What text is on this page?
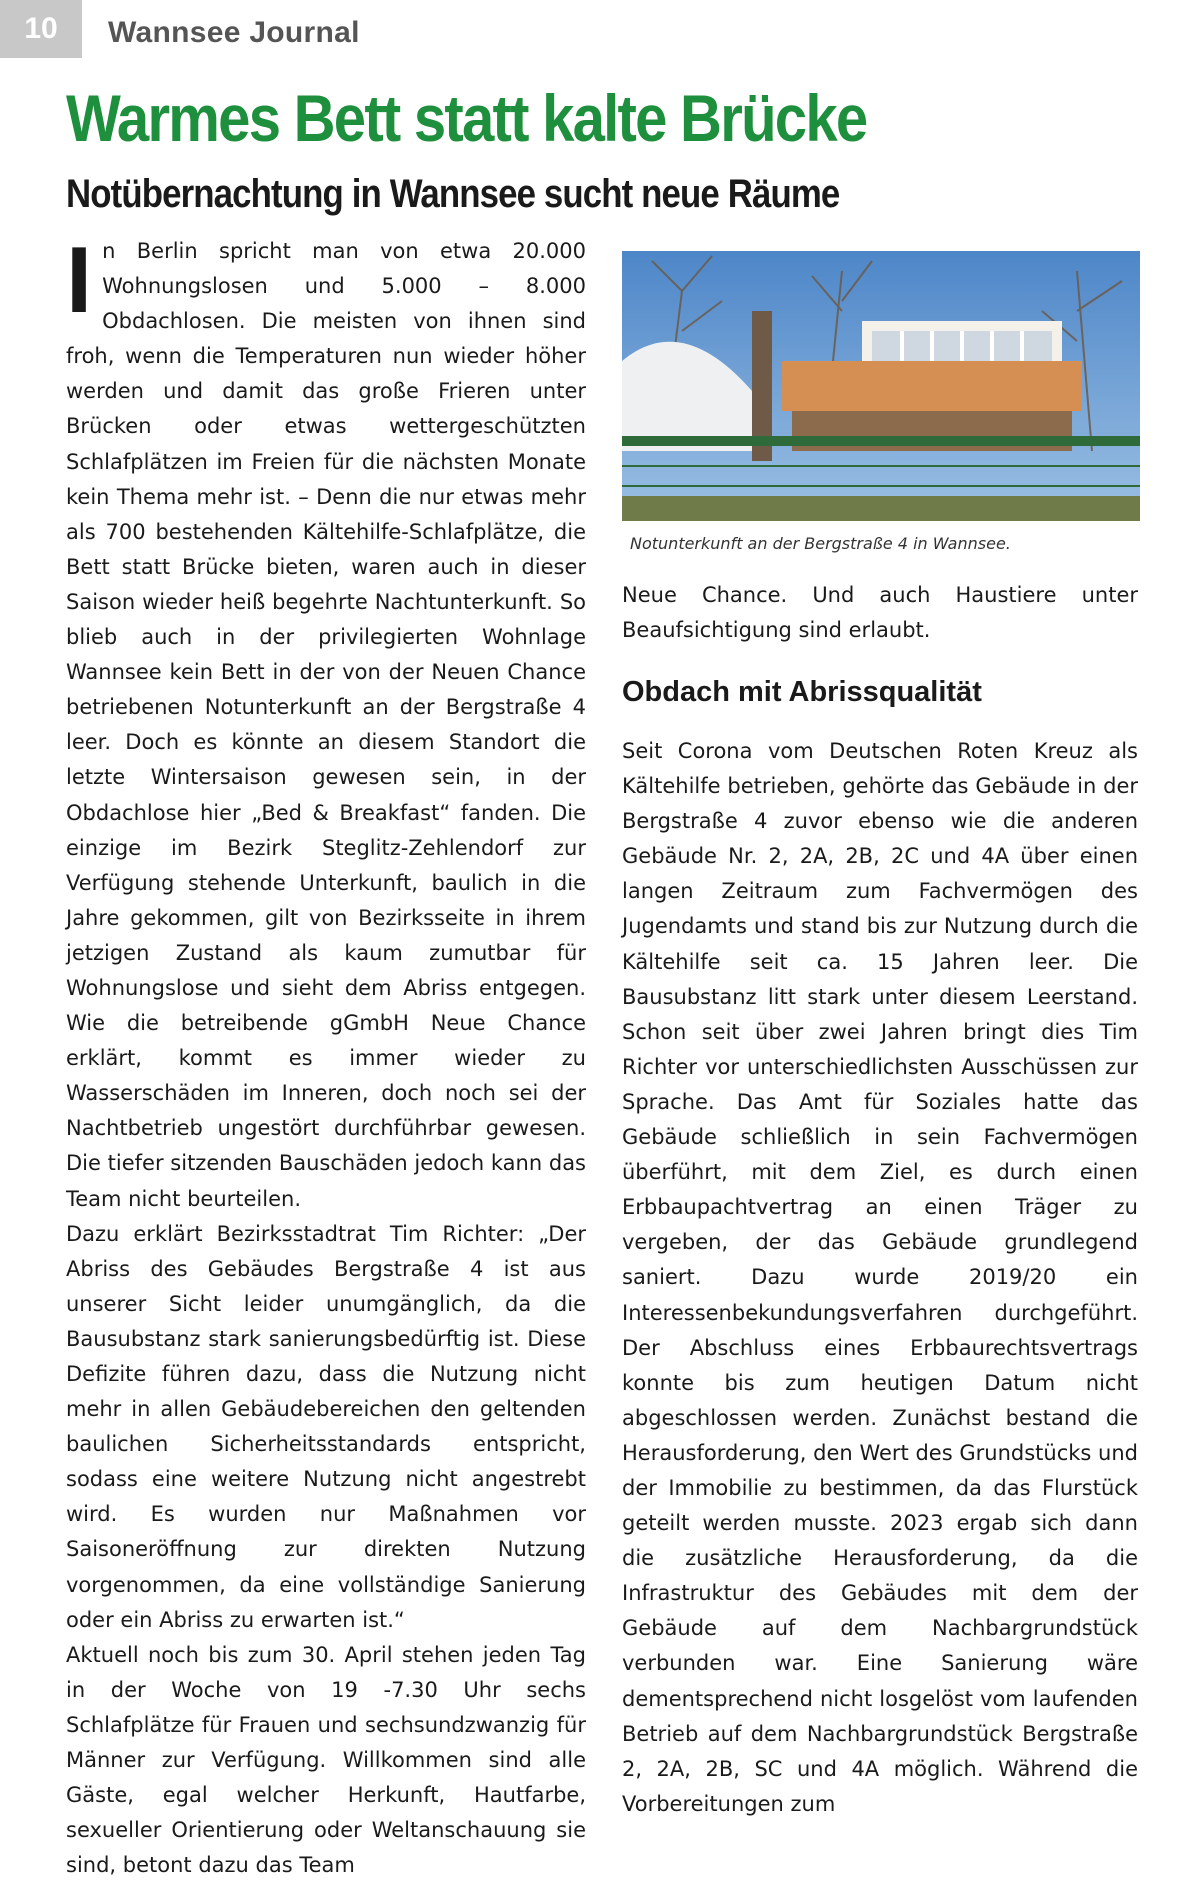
10 Wannsee Journal
Warmes Bett statt kalte Brücke
Notübernachtung in Wannsee sucht neue Räume

In Berlin spricht man von etwa 20.000 Wohnungslosen und 5.000 – 8.000 Obdachlosen. Die meisten von ihnen sind froh, wenn die Temperaturen nun wieder höher werden und damit das große Frieren unter Brücken oder etwas wettergeschützten Schlafplätzen im Freien für die nächsten Monate kein Thema mehr ist. – Denn die nur etwas mehr als 700 bestehenden Kältehilfe-Schlafplätze, die Bett statt Brücke bieten, waren auch in dieser Saison wieder heiß begehrte Nachtunterkunft. So blieb auch in der privilegierten Wohnlage Wannsee kein Bett in der von der Neuen Chance betriebenen Notunterkunft an der Bergstraße 4 leer. Doch es könnte an diesem Standort die letzte Wintersaison gewesen sein, in der Obdachlose hier „Bed & Breakfast“ fanden. Die einzige im Bezirk Steglitz-Zehlendorf zur Verfügung stehende Unterkunft, baulich in die Jahre gekommen, gilt von Bezirksseite in ihrem jetzigen Zustand als kaum zumutbar für Wohnungslose und sieht dem Abriss entgegen. Wie die betreibende gGmbH Neue Chance erklärt, kommt es immer wieder zu Wasserschäden im Inneren, doch noch sei der Nachtbetrieb ungestört durchführbar gewesen. Die tiefer sitzenden Bauschäden jedoch kann das Team nicht beurteilen.

Dazu erklärt Bezirksstadtrat Tim Richter: „Der Abriss des Gebäudes Bergstraße 4 ist aus unserer Sicht leider unumgänglich, da die Bausubstanz stark sanierungsbedürftig ist. Diese Defizite führen dazu, dass die Nutzung nicht mehr in allen Gebäudebereichen den geltenden baulichen Sicherheitsstandards entspricht, sodass eine weitere Nutzung nicht angestrebt wird. Es wurden nur Maßnahmen vor Saisoneröffnung zur direkten Nutzung vorgenommen, da eine vollständige Sanierung oder ein Abriss zu erwarten ist.“

Aktuell noch bis zum 30. April stehen jeden Tag in der Woche von 19 -7.30 Uhr sechs Schlafplätze für Frauen und sechsundzwanzig für Männer zur Verfügung. Willkommen sind alle Gäste, egal welcher Herkunft, Hautfarbe, sexueller Orientierung oder Weltanschauung sie sind, betont dazu das Team

Notunterkunft an der Bergstraße 4 in Wannsee.

Neue Chance. Und auch Haustiere unter Beaufsichtigung sind erlaubt.

Obdach mit Abrissqualität

Seit Corona vom Deutschen Roten Kreuz als Kältehilfe betrieben, gehörte das Gebäude in der Bergstraße 4 zuvor ebenso wie die anderen Gebäude Nr. 2, 2A, 2B, 2C und 4A über einen langen Zeitraum zum Fachvermögen des Jugendamts und stand bis zur Nutzung durch die Kältehilfe seit ca. 15 Jahren leer. Die Bausubstanz litt stark unter diesem Leerstand. Schon seit über zwei Jahren bringt dies Tim Richter vor unterschiedlichsten Ausschüssen zur Sprache. Das Amt für Soziales hatte das Gebäude schließlich in sein Fachvermögen überführt, mit dem Ziel, es durch einen Erbbaupachtvertrag an einen Träger zu vergeben, der das Gebäude grundlegend saniert. Dazu wurde 2019/20 ein Interessenbekundungsverfahren durchgeführt. Der Abschluss eines Erbbaurechtsvertrags konnte bis zum heutigen Datum nicht abgeschlossen werden. Zunächst bestand die Herausforderung, den Wert des Grundstücks und der Immobilie zu bestimmen, da das Flurstück geteilt werden musste. 2023 ergab sich dann die zusätzliche Herausforderung, da die Infrastruktur des Gebäudes mit dem der Gebäude auf dem Nachbargrundstück verbunden war. Eine Sanierung wäre dementsprechend nicht losgelöst vom laufenden Betrieb auf dem Nachbargrundstück Bergstraße 2, 2A, 2B, SC und 4A möglich. Während die Vorbereitungen zum
